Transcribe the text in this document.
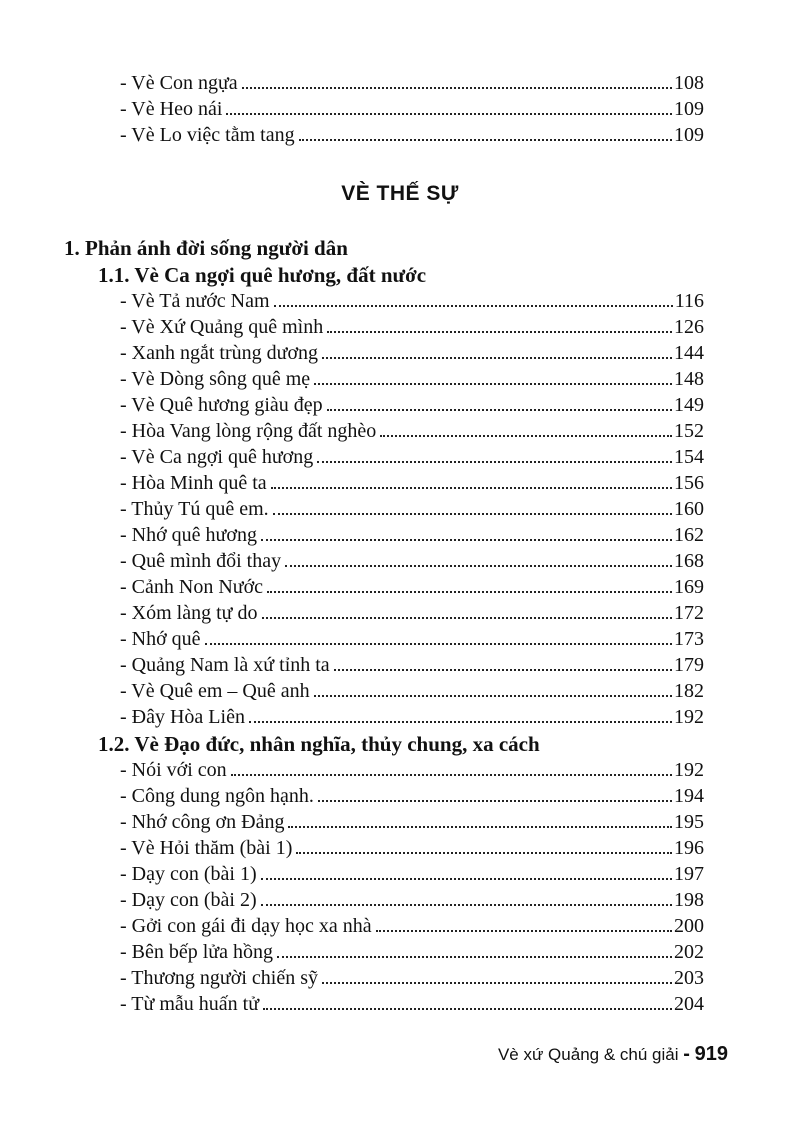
- Vè Con ngựa	108
- Vè Heo nái	109
- Vè Lo việc tằm tang	109
VÈ THẾ SỰ
1. Phản ánh đời sống người dân
1.1. Vè Ca ngợi quê hương, đất nước
- Vè Tả nước Nam	116
- Vè Xứ Quảng quê mình	126
- Xanh ngắt trùng dương	144
- Vè Dòng sông quê mẹ	148
- Vè Quê hương giàu đẹp	149
- Hòa Vang lòng rộng đất nghèo	152
- Vè Ca ngợi quê hương	154
- Hòa Minh quê ta	156
- Thủy Tú quê em.	160
- Nhớ quê hương	162
- Quê mình đổi thay	168
- Cảnh Non Nước	169
- Xóm làng tự do	172
- Nhớ quê	173
- Quảng Nam là xứ tỉnh ta	179
- Vè Quê em – Quê anh	182
- Đây Hòa Liên	192
1.2. Vè Đạo đức, nhân nghĩa, thủy chung, xa cách
- Nói với con	192
- Công dung ngôn hạnh.	194
- Nhớ công ơn Đảng	195
- Vè Hỏi thăm (bài 1)	196
- Dạy con (bài 1)	197
- Dạy con (bài 2)	198
- Gởi con gái đi dạy học xa nhà	200
- Bên bếp lửa hồng	202
- Thương người chiến sỹ	203
- Từ mẫu huấn tử	204
Vè xứ Quảng & chú giải - 919
